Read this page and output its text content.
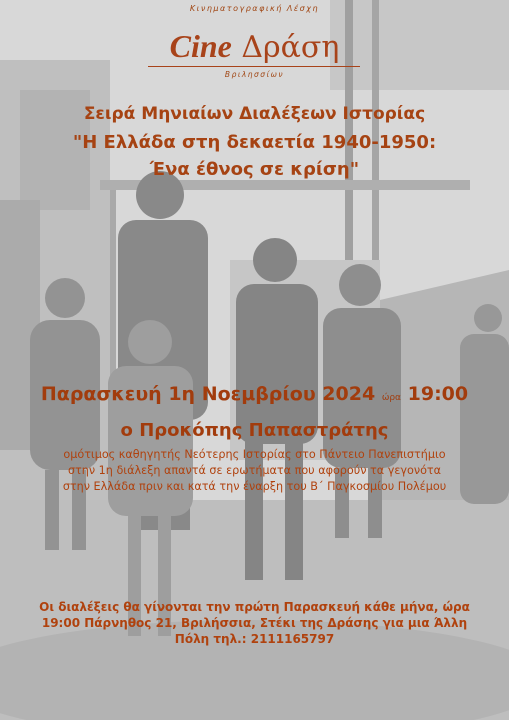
Κινηματογραφική Λέσχη
Cine Δράση
Βριλησσίων
Σειρά Μηνιαίων Διαλέξεων Ιστορίας
"Η Ελλάδα στη δεκαετία 1940-1950:
Ένα έθνος σε κρίση"
Παρασκευή 1η Νοεμβρίου 2024 ώρα 19:00
ο Προκόπης Παπαστράτης
ομότιμος καθηγητής Νεότερης Ιστορίας στο Πάντειο Πανεπιστήμιο
στην 1η διάλεξη απαντά σε ερωτήματα που αφορούν τα γεγονότα
στην Ελλάδα πριν και κατά την έναρξη του Β΄ Παγκοσμίου Πολέμου
Οι διαλέξεις θα γίνονται την πρώτη Παρασκευή κάθε μήνα, ώρα
19:00 Πάρνηθος 21, Βριλήσσια, Στέκι της Δράσης για μια Άλλη
Πόλη τηλ.: 2111165797
